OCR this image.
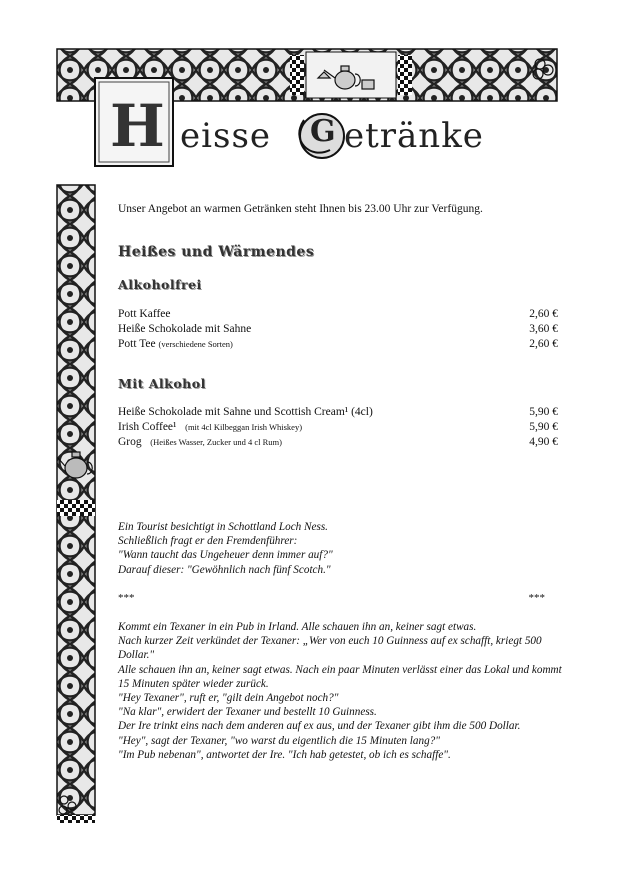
H eisse G etränke
Unser Angebot an warmen Getränken steht Ihnen bis 23.00 Uhr zur Verfügung.
Heißes und Wärmendes
Alkoholfrei
Pott Kaffee	2,60 €
Heiße Schokolade mit Sahne	3,60 €
Pott Tee (verschiedene Sorten)	2,60 €
Mit Alkohol
Heiße Schokolade mit Sahne und Scottish Cream¹ (4cl)	5,90 €
Irish Coffee¹ (mit 4cl Kilbeggan Irish Whiskey)	5,90 €
Grog (Heißes Wasser, Zucker und 4 cl Rum)	4,90 €
Ein Tourist besichtigt in Schottland Loch Ness.
Schließlich fragt er den Fremdenführer:
"Wann taucht das Ungeheuer denn immer auf?"
Darauf dieser: "Gewöhnlich nach fünf Scotch."
***	***
Kommt ein Texaner in ein Pub in Irland. Alle schauen ihn an, keiner sagt etwas.
Nach kurzer Zeit verkündet der Texaner: „Wer von euch 10 Guinness auf ex schafft, kriegt 500 Dollar."
Alle schauen ihn an, keiner sagt etwas. Nach ein paar Minuten verlässt einer das Lokal und kommt 15 Minuten später wieder zurück.
"Hey Texaner", ruft er, "gilt dein Angebot noch?"
"Na klar", erwidert der Texaner und bestellt 10 Guinness.
Der Ire trinkt eins nach dem anderen auf ex aus, und der Texaner gibt ihm die 500 Dollar.
"Hey", sagt der Texaner, "wo warst du eigentlich die 15 Minuten lang?"
"Im Pub nebenan", antwortet der Ire. "Ich hab getestet, ob ich es schaffe".
